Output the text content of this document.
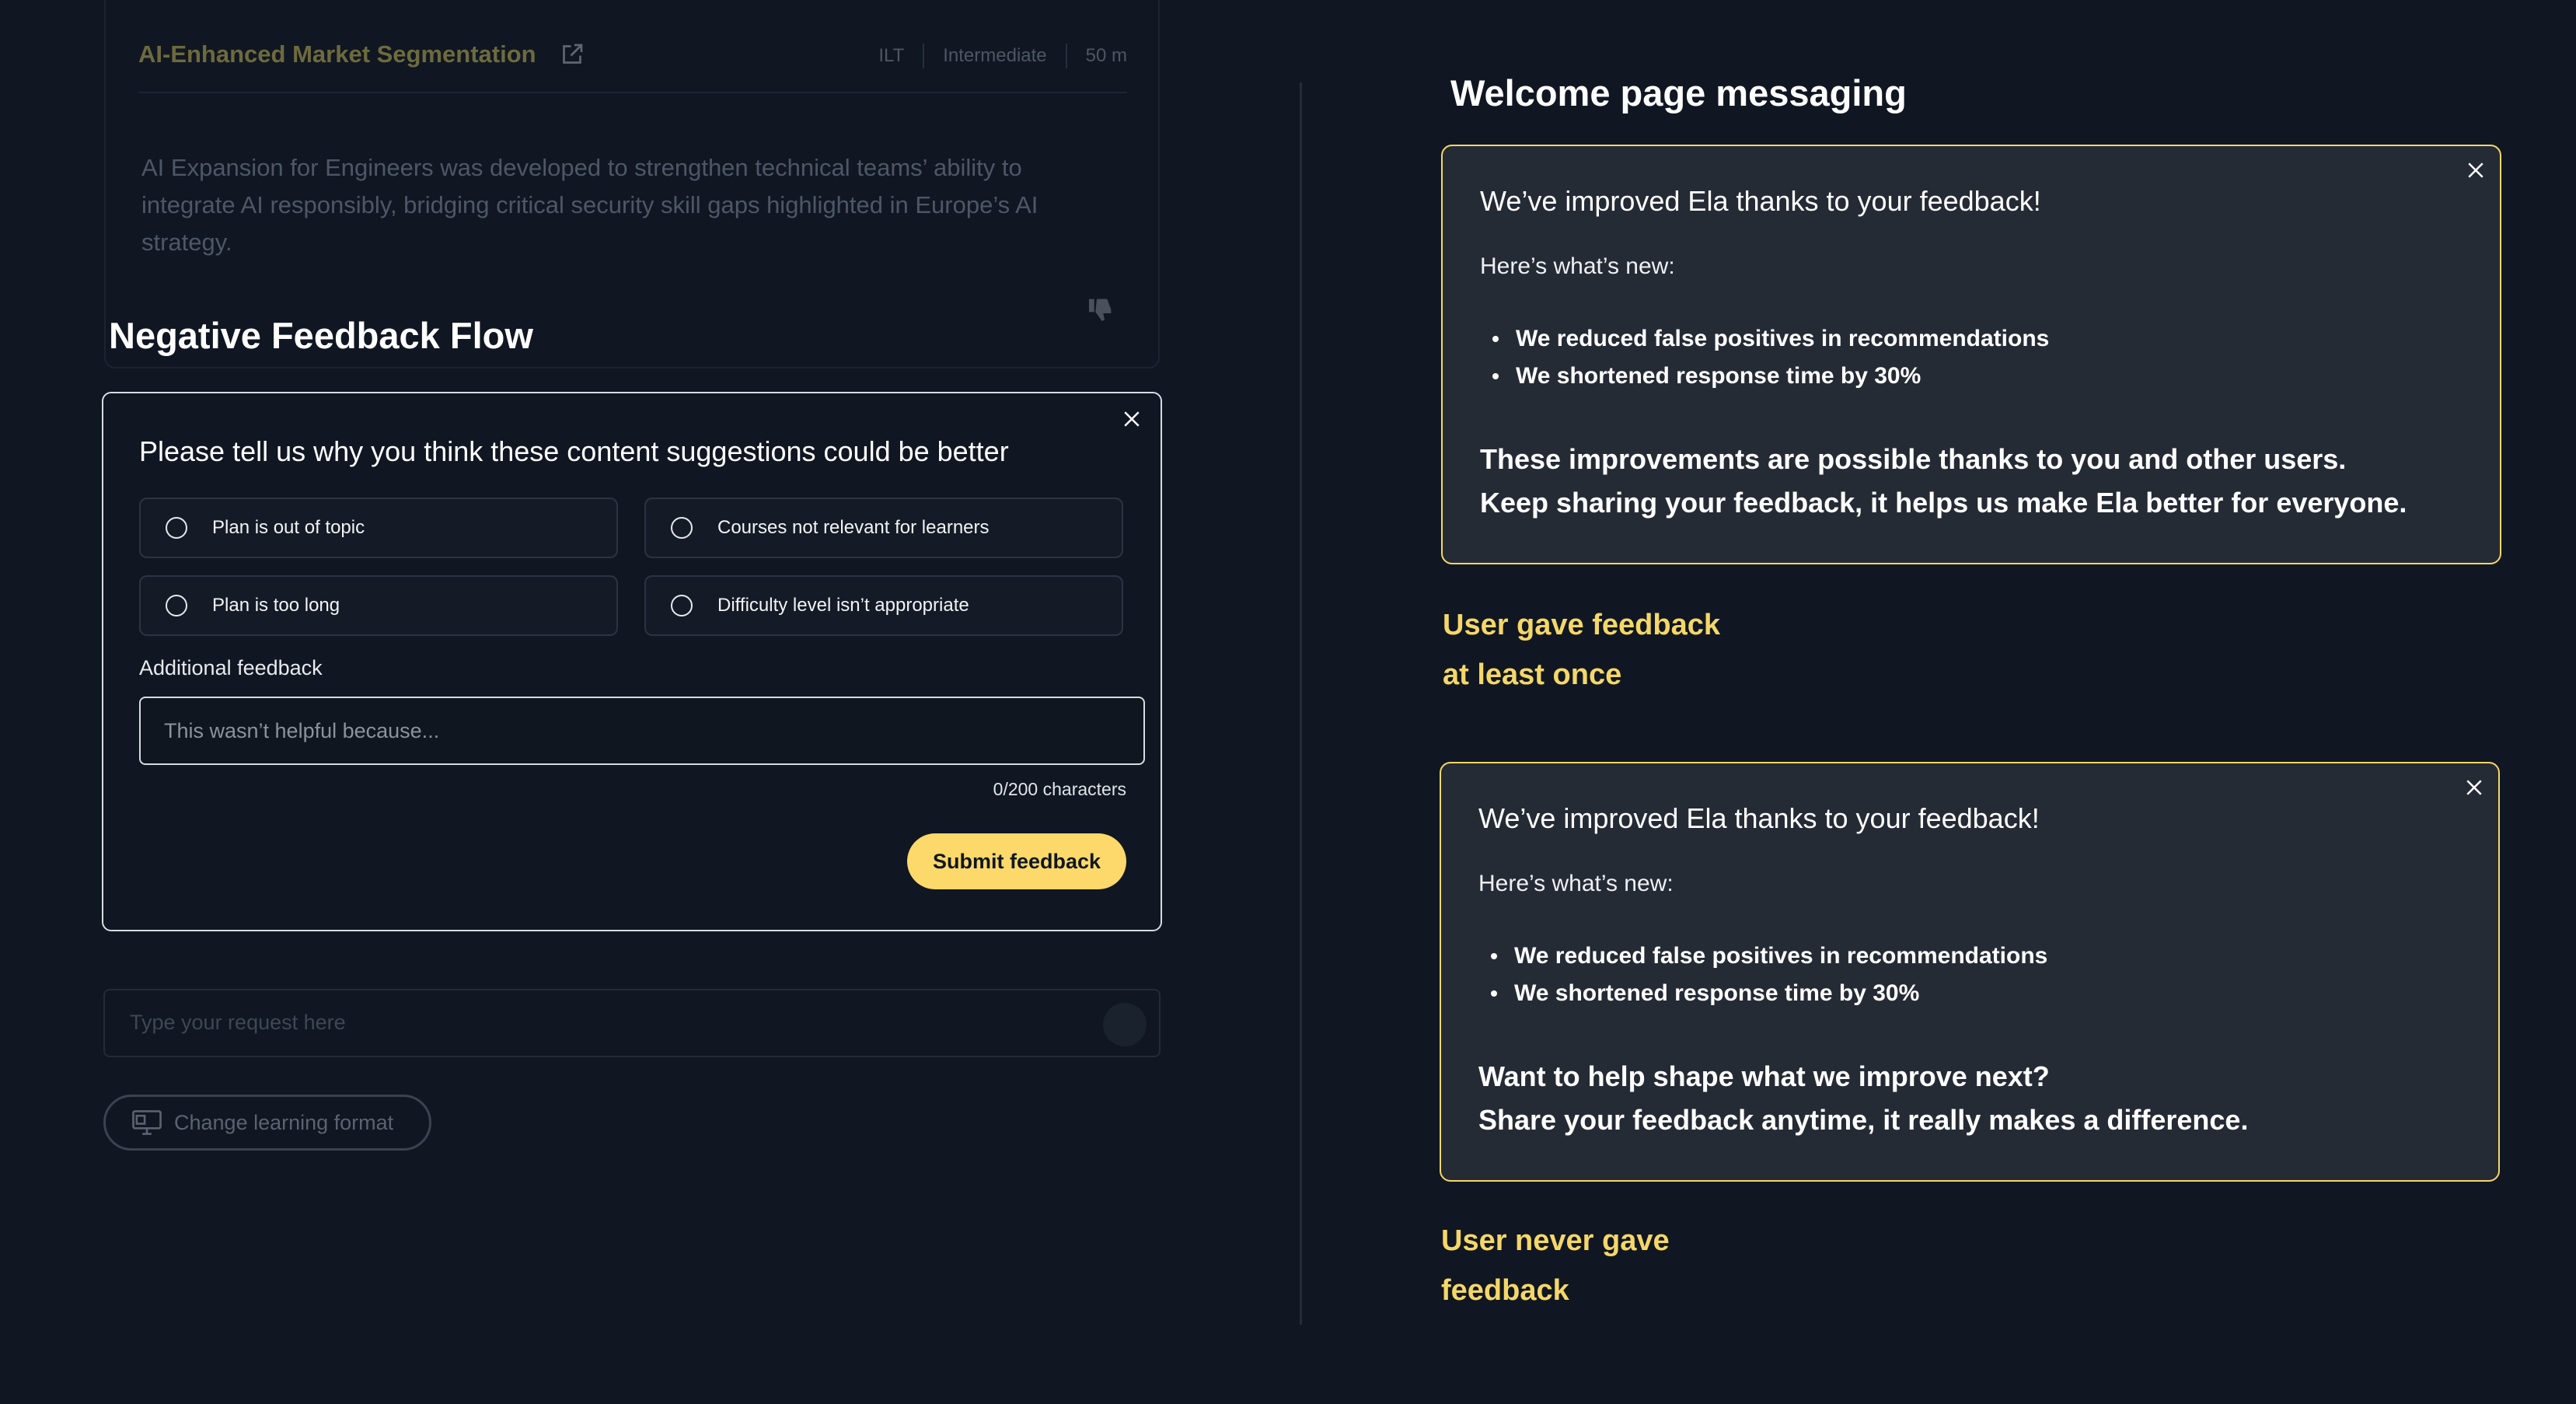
AI-Enhanced Market Segmentation	ILT Intermediate 50 m
AI Expansion for Engineers was developed to strengthen technical teams’ ability to integrate AI responsibly, bridging critical security skill gaps highlighted in Europe’s AI strategy.
Negative Feedback Flow
Please tell us why you think these content suggestions could be better
Plan is out of topic	Courses not relevant for learners
Plan is too long	Difficulty level isn’t appropriate
Additional feedback
This wasn’t helpful because...
0/200 characters
Submit feedback
Type your request here
Change learning format
Welcome page messaging
We’ve improved Ela thanks to your feedback!
Here’s what’s new:
We reduced false positives in recommendations
We shortened response time by 30%
These improvements are possible thanks to you and other users.
Keep sharing your feedback, it helps us make Ela better for everyone.
User gave feedback
at least once
We’ve improved Ela thanks to your feedback!
Here’s what’s new:
We reduced false positives in recommendations
We shortened response time by 30%
Want to help shape what we improve next?
Share your feedback anytime, it really makes a difference.
User never gave
feedback
